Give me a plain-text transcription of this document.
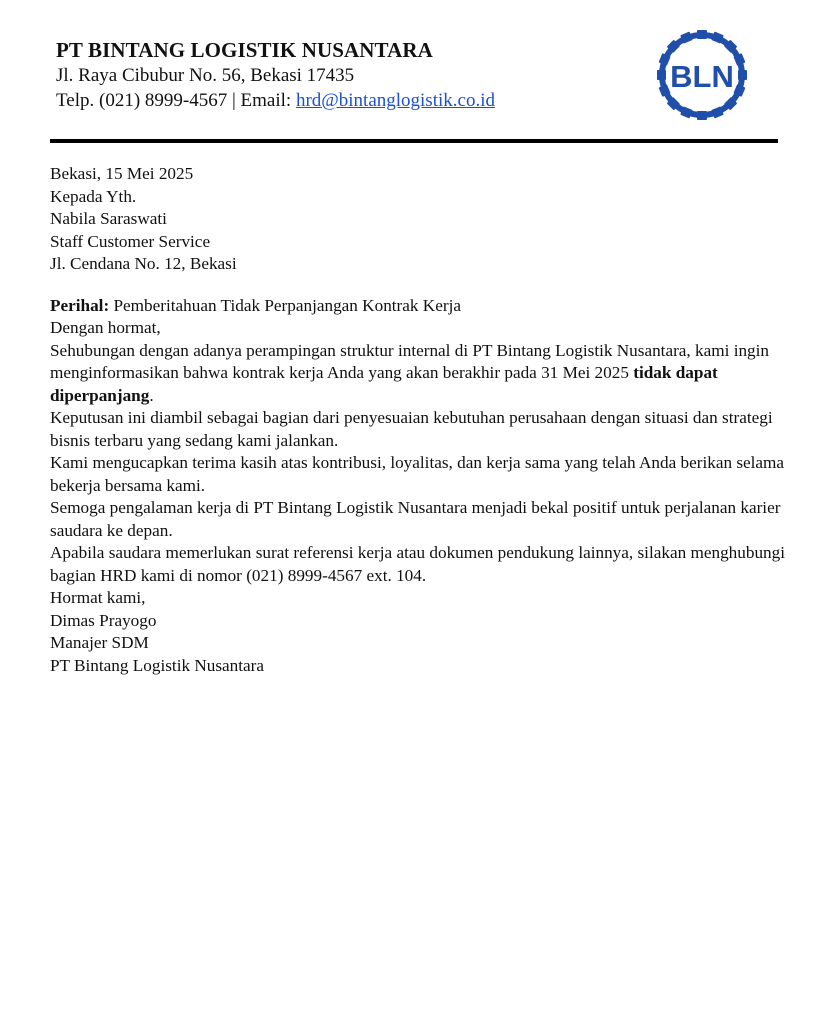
PT BINTANG LOGISTIK NUSANTARA
Jl. Raya Cibubur No. 56, Bekasi 17435
Telp. (021) 8999-4567 | Email: hrd@bintanglogistik.co.id
BLN

Bekasi, 15 Mei 2025

Kepada Yth.

Nabila Saraswati

Staff Customer Service

Jl. Cendana No. 12, Bekasi

Perihal: Pemberitahuan Tidak Perpanjangan Kontrak Kerja

Dengan hormat,

Sehubungan dengan adanya perampingan struktur internal di PT Bintang Logistik Nusantara, kami ingin menginformasikan bahwa kontrak kerja Anda yang akan berakhir pada 31 Mei 2025 tidak dapat diperpanjang.

Keputusan ini diambil sebagai bagian dari penyesuaian kebutuhan perusahaan dengan situasi dan strategi bisnis terbaru yang sedang kami jalankan.

Kami mengucapkan terima kasih atas kontribusi, loyalitas, dan kerja sama yang telah Anda berikan selama bekerja bersama kami.

Semoga pengalaman kerja di PT Bintang Logistik Nusantara menjadi bekal positif untuk perjalanan karier saudara ke depan.

Apabila saudara memerlukan surat referensi kerja atau dokumen pendukung lainnya, silakan menghubungi bagian HRD kami di nomor (021) 8999-4567 ext. 104.

Hormat kami,

Dimas Prayogo

Manajer SDM

PT Bintang Logistik Nusantara
